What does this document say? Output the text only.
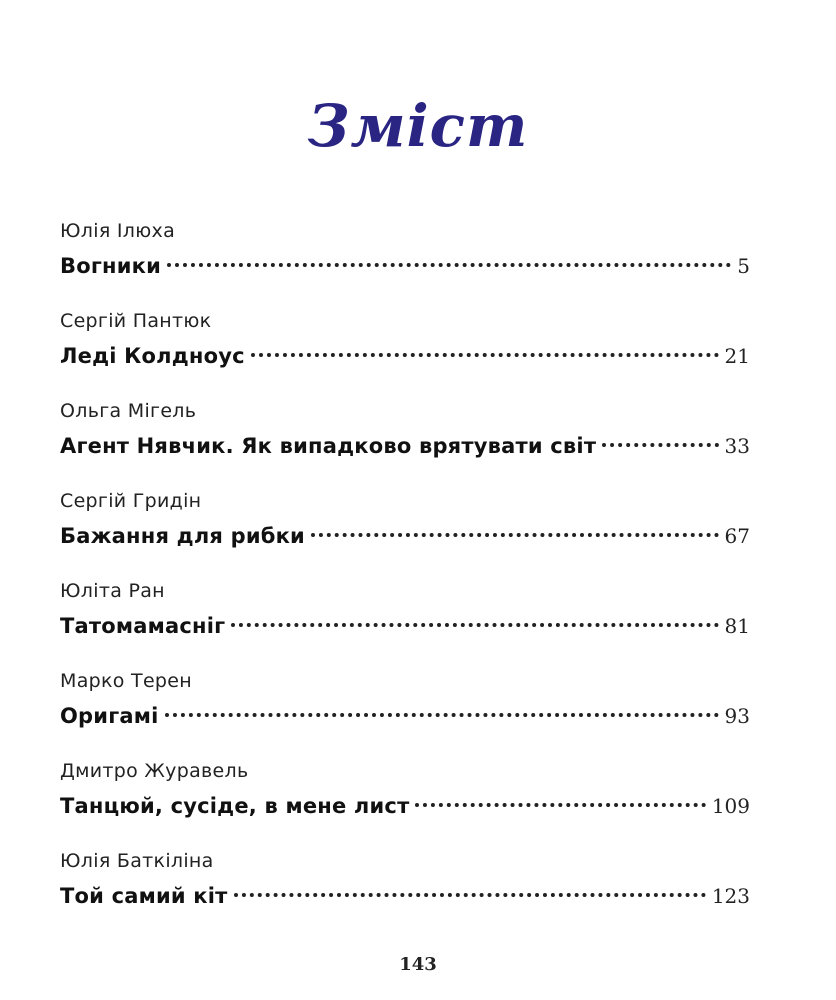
Зміст
Юлія Ілюха
Вогники	5
Сергій Пантюк
Леді Колдноус	21
Ольга Мігель
Агент Нявчик. Як випадково врятувати світ	33
Сергій Гридін
Бажання для рибки	67
Юліта Ран
Татомамасніг	81
Марко Терен
Оригамі	93
Дмитро Журавель
Танцюй, сусіде, в мене лист	109
Юлія Баткіліна
Той самий кіт	123
143
